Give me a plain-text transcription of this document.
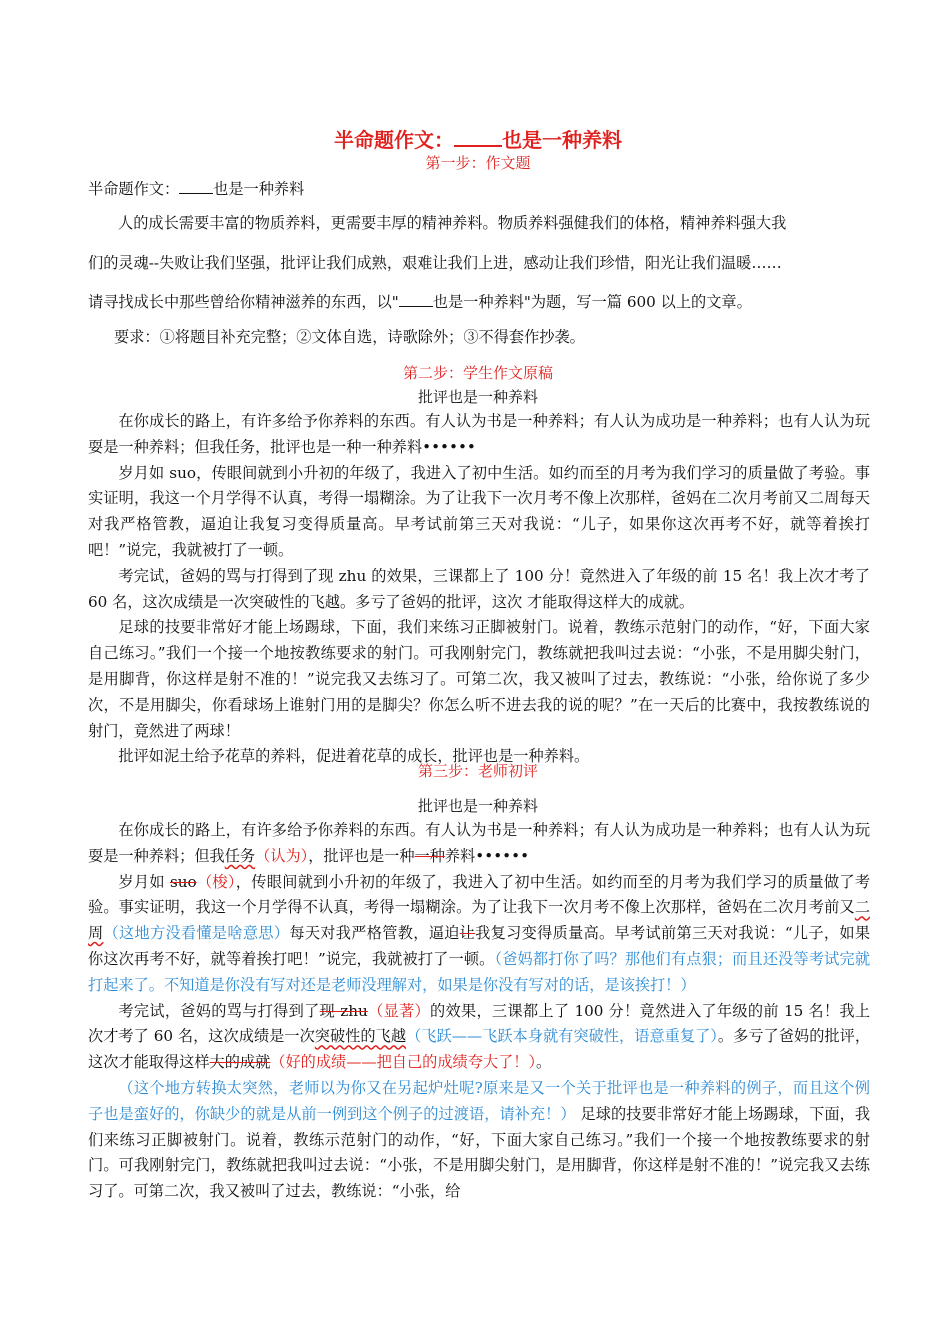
半命题作文： 也是一种养料
第一步：作文题
半命题作文： 也是一种养料
人的成长需要丰富的物质养料，更需要丰厚的精神养料。物质养料强健我们的体格，精神养料强大我
们的灵魂--失败让我们坚强，批评让我们成熟，艰难让我们上进，感动让我们珍惜，阳光让我们温暖……
请寻找成长中那些曾给你精神滋养的东西，以" 也是一种养料"为题，写一篇 600 以上的文章。
要求：①将题目补充完整；②文体自选，诗歌除外；③不得套作抄袭。
第二步：学生作文原稿
批评也是一种养料

在你成长的路上，有许多给予你养料的东西。有人认为书是一种养料；有人认为成功是一种养料；也有人认为玩耍是一种养料；但我任务，批评也是一种一种养料••••••

岁月如 suo，传眼间就到小升初的年级了，我进入了初中生活。如约而至的月考为我们学习的质量做了考验。事实证明，我这一个月学得不认真，考得一塌糊涂。为了让我下一次月考不像上次那样，爸妈在二次月考前又二周每天对我严格管教，逼迫让我复习变得质量高。早考试前第三天对我说：“儿子，如果你这次再考不好，就等着挨打吧！”说完，我就被打了一顿。

考完试，爸妈的骂与打得到了现 zhu 的效果，三课都上了 100 分！竟然进入了年级的前 15 名！我上次才考了 60 名，这次成绩是一次突破性的飞越。多亏了爸妈的批评，这次 才能取得这样大的成就。

足球的技要非常好才能上场踢球，下面，我们来练习正脚被射门。说着，教练示范射门的动作，“好，下面大家自己练习。”我们一个接一个地按教练要求的射门。可我刚射完门，教练就把我叫过去说：“小张，不是用脚尖射门，是用脚背，你这样是射不准的！”说完我又去练习了。可第二次，我又被叫了过去，教练说：“小张，给你说了多少次，不是用脚尖，你看球场上谁射门用的是脚尖？你怎么听不进去我的说的呢？”在一天后的比赛中，我按教练说的射门，竟然进了两球！

批评如泥土给予花草的养料，促进着花草的成长，批评也是一种养料。

第三步：老师初评
批评也是一种养料

在你成长的路上，有许多给予你养料的东西。有人认为书是一种养料；有人认为成功是一种养料；也有人认为玩耍是一种养料；但我任务（认为），批评也是一种一种养料••••••

岁月如 suo（梭），传眼间就到小升初的年级了，我进入了初中生活。如约而至的月考为我们学习的质量做了考验。事实证明，我这一个月学得不认真，考得一塌糊涂。为了让我下一次月考不像上次那样，爸妈在二次月考前又二周（这地方没看懂是啥意思）每天对我严格管教，逼迫让我复习变得质量高。早考试前第三天对我说：“儿子，如果你这次再考不好，就等着挨打吧！”说完，我就被打了一顿。（爸妈都打你了吗？那他们有点狠；而且还没等考试完就打起来了。不知道是你没有写对还是老师没理解对，如果是你没有写对的话，是该挨打！）

考完试，爸妈的骂与打得到了现 zhu（显著）的效果，三课都上了 100 分！竟然进入了年级的前 15 名！我上次才考了 60 名，这次成绩是一次突破性的飞越（飞跃——飞跃本身就有突破性，语意重复了）。多亏了爸妈的批评，这次才能取得这样大的成就（好的成绩——把自己的成绩夸大了！）。

（这个地方转换太突然，老师以为你又在另起炉灶呢?原来是又一个关于批评也是一种养料的例子，而且这个例子也是蛮好的，你缺少的就是从前一例到这个例子的过渡语，请补充！） 足球的技要非常好才能上场踢球，下面，我们来练习正脚被射门。说着，教练示范射门的动作，“好，下面大家自己练习。”我们一个接一个地按教练要求的射门。可我刚射完门，教练就把我叫过去说：“小张，不是用脚尖射门，是用脚背，你这样是射不准的！”说完我又去练习了。可第二次，我又被叫了过去，教练说：“小张，给
